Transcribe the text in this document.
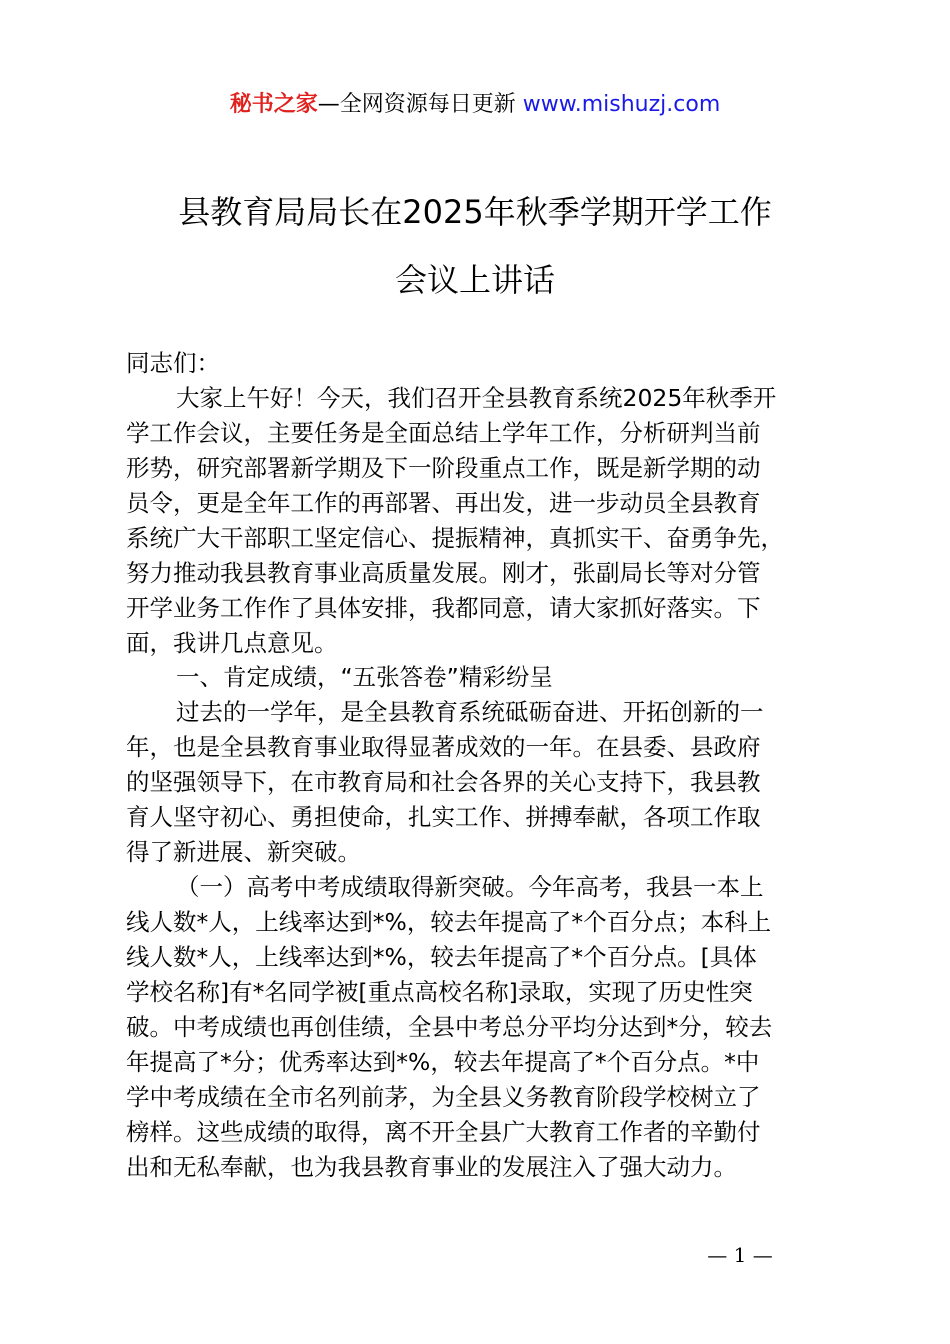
秘书之家—全网资源每日更新 www.mishuzj.com
县教育局局长在2025年秋季学期开学工作
会议上讲话
同志们：
大家上午好！今天，我们召开全县教育系统2025年秋季开
学工作会议，主要任务是全面总结上学年工作，分析研判当前
形势，研究部署新学期及下一阶段重点工作，既是新学期的动
员令，更是全年工作的再部署、再出发，进一步动员全县教育
系统广大干部职工坚定信心、提振精神，真抓实干、奋勇争先，
努力推动我县教育事业高质量发展。刚才，张副局长等对分管
开学业务工作作了具体安排，我都同意，请大家抓好落实。下
面，我讲几点意见。
一、肯定成绩，“五张答卷”精彩纷呈
过去的一学年，是全县教育系统砥砺奋进、开拓创新的一
年，也是全县教育事业取得显著成效的一年。在县委、县政府
的坚强领导下，在市教育局和社会各界的关心支持下，我县教
育人坚守初心、勇担使命，扎实工作、拼搏奉献，各项工作取
得了新进展、新突破。
（一）高考中考成绩取得新突破。今年高考，我县一本上
线人数*人，上线率达到*%，较去年提高了*个百分点；本科上
线人数*人，上线率达到*%，较去年提高了*个百分点。[具体
学校名称]有*名同学被[重点高校名称]录取，实现了历史性突
破。中考成绩也再创佳绩，全县中考总分平均分达到*分，较去
年提高了*分；优秀率达到*%，较去年提高了*个百分点。*中
学中考成绩在全市名列前茅，为全县义务教育阶段学校树立了
榜样。这些成绩的取得，离不开全县广大教育工作者的辛勤付
出和无私奉献，也为我县教育事业的发展注入了强大动力。
— 1 —
